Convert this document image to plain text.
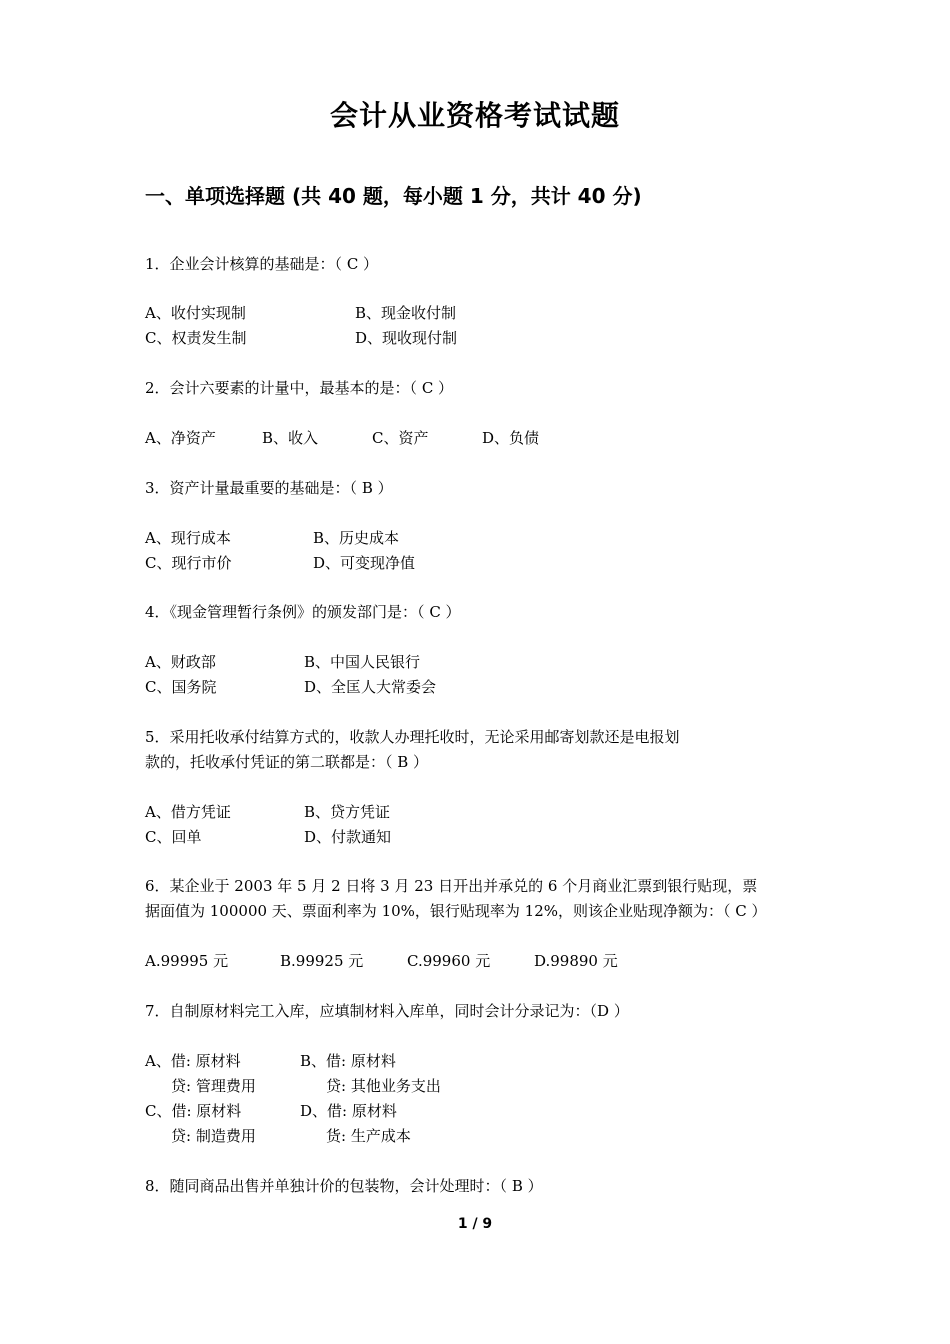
会计从业资格考试试题
一、单项选择题 (共 40 题，每小题 1 分，共计 40 分)
1．企业会计核算的基础是：（ C ）
A、收付实现制	B、现金收付制
C、权责发生制	D、现收现付制
2．会计六要素的计量中，最基本的是：（ C ）
A、净资产	B、收入	C、资产	D、负债
3．资产计量最重要的基础是：（ B ）
A、现行成本	B、历史成本
C、现行市价	D、可变现净值
4．《现金管理暂行条例》的颁发部门是：（ C ）
A、财政部	B、中国人民银行
C、国务院	D、全匡人大常委会
5．采用托收承付结算方式的，收款人办理托收时，无论采用邮寄划款还是电报划
款的，托收承付凭证的第二联都是：（ B ）
A、借方凭证	B、贷方凭证
C、回单	D、付款通知
6．某企业于 2003 年 5 月 2 日将 3 月 23 日开出并承兑的 6 个月商业汇票到银行贴现，票
据面值为 100000 天、票面利率为 10%，银行贴现率为 12%，则该企业贴现净额为：（ C ）
A.99995 元	B.99925 元	C.99960 元	D.99890 元
7．自制原材料完工入库，应填制材料入库单，同时会计分录记为：（D ）
A、借: 原材料	B、借: 原材料
贷: 管理费用	贷: 其他业务支出
C、借: 原材料	D、借: 原材料
贷: 制造费用	货: 生产成本
8．随同商品出售并单独计价的包装物，会计处理时：（ B ）
1 / 9
